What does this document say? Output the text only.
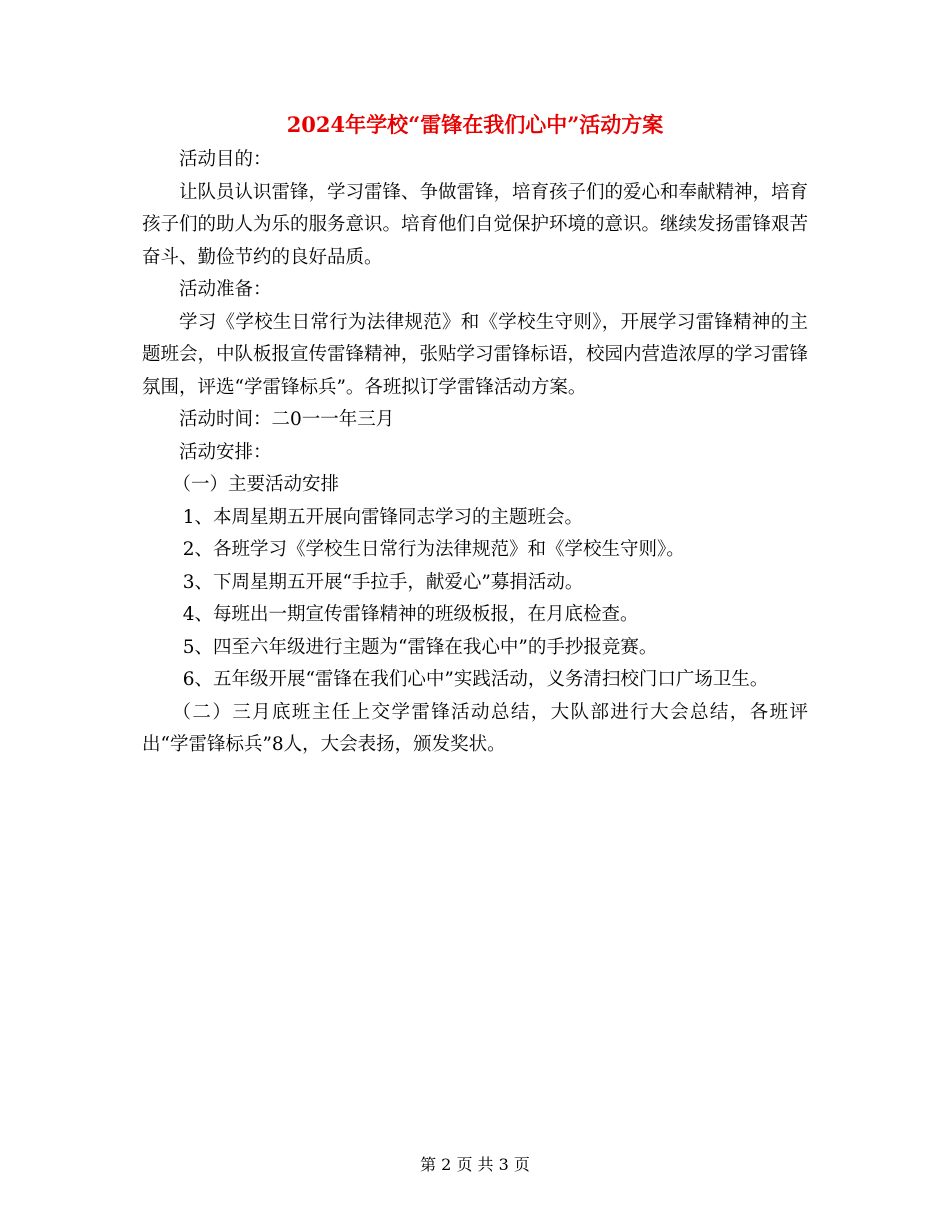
2024年学校“雷锋在我们心中”活动方案

活动目的：

让队员认识雷锋，学习雷锋、争做雷锋，培育孩子们的爱心和奉献精神，培育孩子们的助人为乐的服务意识。培育他们自觉保护环境的意识。继续发扬雷锋艰苦奋斗、勤俭节约的良好品质。

活动准备：

学习《学校生日常行为法律规范》和《学校生守则》，开展学习雷锋精神的主题班会，中队板报宣传雷锋精神，张贴学习雷锋标语，校园内营造浓厚的学习雷锋氛围，评选“学雷锋标兵”。各班拟订学雷锋活动方案。

活动时间：二0一一年三月

活动安排：

（一）主要活动安排

1、本周星期五开展向雷锋同志学习的主题班会。

2、各班学习《学校生日常行为法律规范》和《学校生守则》。

3、下周星期五开展“手拉手，献爱心”募捐活动。

4、每班出一期宣传雷锋精神的班级板报，在月底检查。

5、四至六年级进行主题为“雷锋在我心中”的手抄报竞赛。

6、五年级开展“雷锋在我们心中”实践活动，义务清扫校门口广场卫生。

（二）三月底班主任上交学雷锋活动总结，大队部进行大会总结，各班评出“学雷锋标兵”8人，大会表扬，颁发奖状。

第 2 页 共 3 页
